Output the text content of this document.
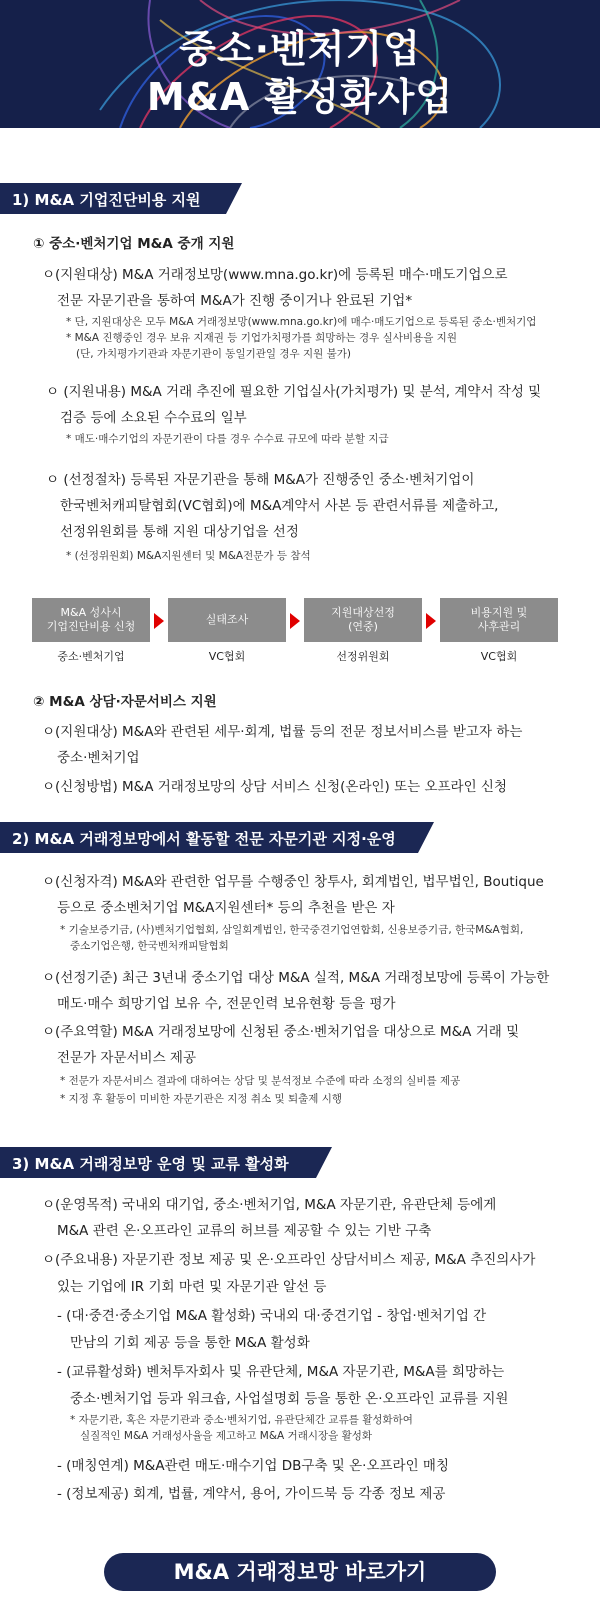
중소·벤처기업
M&A 활성화사업
1) M&A 기업진단비용 지원
① 중소·벤처기업 M&A 중개 지원
ㅇ(지원대상) M&A 거래정보망(www.mna.go.kr)에 등록된 매수·매도기업으로
전문 자문기관을 통하여 M&A가 진행 중이거나 완료된 기업*
* 단, 지원대상은 모두 M&A 거래정보망(www.mna.go.kr)에 매수·매도기업으로 등록된 중소·벤처기업
* M&A 진행중인 경우 보유 지재권 등 기업가치평가를 희망하는 경우 실사비용을 지원
(단, 가치평가기관과 자문기관이 동일기관일 경우 지원 불가)
ㅇ (지원내용) M&A 거래 추진에 필요한 기업실사(가치평가) 및 분석, 계약서 작성 및
검증 등에 소요된 수수료의 일부
* 매도·매수기업의 자문기관이 다를 경우 수수료 규모에 따라 분할 지급
ㅇ (선정절차) 등록된 자문기관을 통해 M&A가 진행중인 중소·벤처기업이
한국벤처캐피탈협회(VC협회)에 M&A계약서 사본 등 관련서류를 제출하고,
선정위원회를 통해 지원 대상기업을 선정
* (선정위원회) M&A지원센터 및 M&A전문가 등 참석
M&A 성사시
기업진단비용 신청
실태조사
지원대상선정
(연중)
비용지원 및
사후관리
중소·벤처기업	VC협회	선정위원회	VC협회
② M&A 상담·자문서비스 지원
ㅇ(지원대상) M&A와 관련된 세무·회계, 법률 등의 전문 정보서비스를 받고자 하는
중소·벤처기업
ㅇ(신청방법) M&A 거래정보망의 상담 서비스 신청(온라인) 또는 오프라인 신청
2) M&A 거래정보망에서 활동할 전문 자문기관 지정·운영
ㅇ(신청자격) M&A와 관련한 업무를 수행중인 창투사, 회계법인, 법무법인, Boutique
등으로 중소벤처기업 M&A지원센터* 등의 추천을 받은 자
* 기술보증기금, (사)벤처기업협회, 삼일회계법인, 한국중견기업연합회, 신용보증기금, 한국M&A협회,
중소기업은행, 한국벤처캐피탈협회
ㅇ(선정기준) 최근 3년내 중소기업 대상 M&A 실적, M&A 거래정보망에 등록이 가능한
매도·매수 희망기업 보유 수, 전문인력 보유현황 등을 평가
ㅇ(주요역할) M&A 거래정보망에 신청된 중소·벤처기업을 대상으로 M&A 거래 및
전문가 자문서비스 제공
* 전문가 자문서비스 결과에 대하여는 상담 및 분석정보 수준에 따라 소정의 실비를 제공
* 지정 후 활동이 미비한 자문기관은 지정 취소 및 퇴출제 시행
3) M&A 거래정보망 운영 및 교류 활성화
ㅇ(운영목적) 국내외 대기업, 중소·벤처기업, M&A 자문기관, 유관단체 등에게
M&A 관련 온·오프라인 교류의 허브를 제공할 수 있는 기반 구축
ㅇ(주요내용) 자문기관 정보 제공 및 온·오프라인 상담서비스 제공, M&A 추진의사가
있는 기업에 IR 기회 마련 및 자문기관 알선 등
- (대·중견·중소기업 M&A 활성화) 국내외 대·중견기업 - 창업·벤처기업 간
만남의 기회 제공 등을 통한 M&A 활성화
- (교류활성화) 벤처투자회사 및 유관단체, M&A 자문기관, M&A를 희망하는
중소·벤처기업 등과 워크숍, 사업설명회 등을 통한 온·오프라인 교류를 지원
* 자문기관, 혹은 자문기관과 중소·벤처기업, 유관단체간 교류를 활성화하여
실질적인 M&A 거래성사율을 제고하고 M&A 거래시장을 활성화
- (매칭연계) M&A관련 매도·매수기업 DB구축 및 온·오프라인 매칭
- (정보제공) 회계, 법률, 계약서, 용어, 가이드북 등 각종 정보 제공
M&A 거래정보망 바로가기
